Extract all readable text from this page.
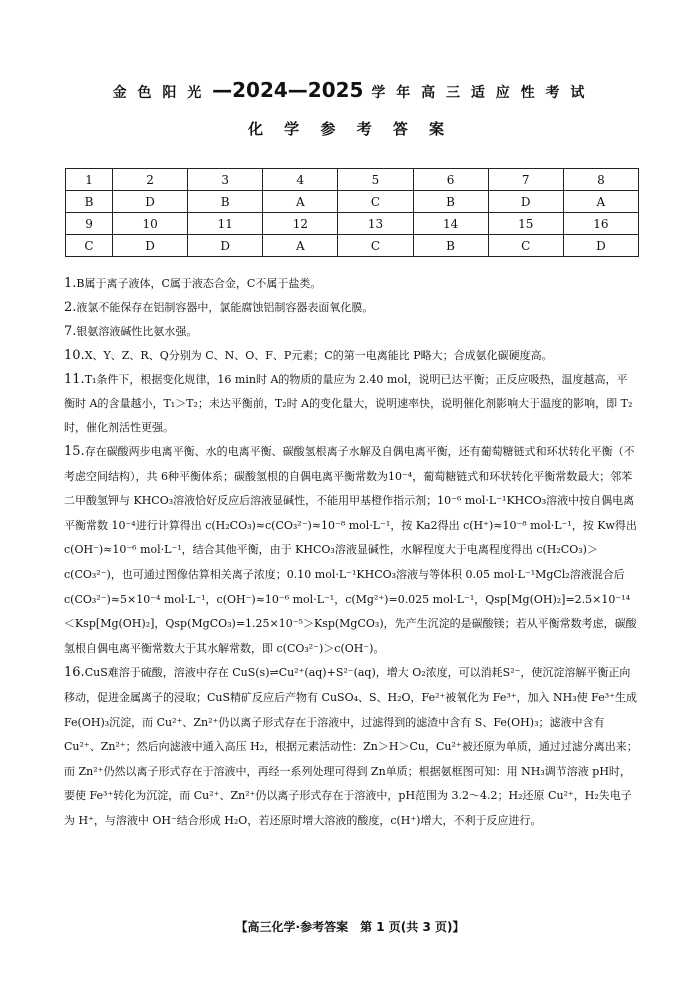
金 色 阳 光 —2024—2025 学 年 高 三 适 应 性 考 试
化 学 参 考 答 案
1	2	3	4	5	6	7	8
B	D	B	A	C	B	D	A
9	10	11	12	13	14	15	16
C	D	D	A	C	B	C	D

1.B属于离子液体，C属于液态合金，C不属于盐类。

2.液氯不能保存在铝制容器中，氯能腐蚀铝制容器表面氧化膜。

7.银氨溶液碱性比氨水强。

10.X、Y、Z、R、Q分别为 C、N、O、F、P元素；C的第一电离能比 P略大；合成氨化碳硬度高。

11.T₁条件下，根据变化规律，16 min时 A的物质的量应为 2.40 mol，说明已达平衡；正反应吸热，温度越高，平衡时 A的含量越小，T₁＞T₂；未达平衡前，T₂时 A的变化量大，说明速率快，说明催化剂影响大于温度的影响，即 T₂时，催化剂活性更强。

15.存在碳酸两步电离平衡、水的电离平衡、碳酸氢根离子水解及自偶电离平衡，还有葡萄糖链式和环状转化平衡（不考虑空间结构），共 6种平衡体系；碳酸氢根的自偶电离平衡常数为10⁻⁴，葡萄糖链式和环状转化平衡常数最大；邻苯二甲酸氢钾与 KHCO₃溶液恰好反应后溶液显碱性，不能用甲基橙作指示剂；10⁻⁶ mol·L⁻¹KHCO₃溶液中按自偶电离平衡常数 10⁻⁴进行计算得出 c(H₂CO₃)≈c(CO₃²⁻)≈10⁻⁸ mol·L⁻¹，按 Ka2得出 c(H⁺)≈10⁻⁸ mol·L⁻¹，按 Kw得出 c(OH⁻)≈10⁻⁶ mol·L⁻¹，结合其他平衡，由于 KHCO₃溶液显碱性，水解程度大于电离程度得出 c(H₂CO₃)＞c(CO₃²⁻)，也可通过图像估算相关离子浓度；0.10 mol·L⁻¹KHCO₃溶液与等体积 0.05 mol·L⁻¹MgCl₂溶液混合后 c(CO₃²⁻)≈5×10⁻⁴ mol·L⁻¹，c(OH⁻)≈10⁻⁶ mol·L⁻¹，c(Mg²⁺)=0.025 mol·L⁻¹，Qsp[Mg(OH)₂]=2.5×10⁻¹⁴＜Ksp[Mg(OH)₂]，Qsp(MgCO₃)=1.25×10⁻⁵＞Ksp(MgCO₃)，先产生沉淀的是碳酸镁；若从平衡常数考虑，碳酸氢根自偶电离平衡常数大于其水解常数，即 c(CO₃²⁻)＞c(OH⁻)。

16.CuS难溶于硫酸，溶液中存在 CuS(s)⇌Cu²⁺(aq)+S²⁻(aq)，增大 O₂浓度，可以消耗S²⁻，使沉淀溶解平衡正向移动，促进金属离子的浸取；CuS精矿反应后产物有 CuSO₄、S、H₂O，Fe²⁺被氧化为 Fe³⁺，加入 NH₃使 Fe³⁺生成 Fe(OH)₃沉淀，而 Cu²⁺、Zn²⁺仍以离子形式存在于溶液中，过滤得到的滤渣中含有 S、Fe(OH)₃；滤液中含有 Cu²⁺、Zn²⁺；然后向滤液中通入高压 H₂，根据元素活动性：Zn＞H＞Cu，Cu²⁺被还原为单质，通过过滤分离出来；而 Zn²⁺仍然以离子形式存在于溶液中，再经一系列处理可得到 Zn单质；根据氨框图可知：用 NH₃调节溶液 pH时，要使 Fe³⁺转化为沉淀，而 Cu²⁺、Zn²⁺仍以离子形式存在于溶液中，pH范围为 3.2～4.2；H₂还原 Cu²⁺，H₂失电子为 H⁺，与溶液中 OH⁻结合形成 H₂O，若还原时增大溶液的酸度，c(H⁺)增大，不利于反应进行。

【高三化学·参考答案　第 1 页(共 3 页)】
